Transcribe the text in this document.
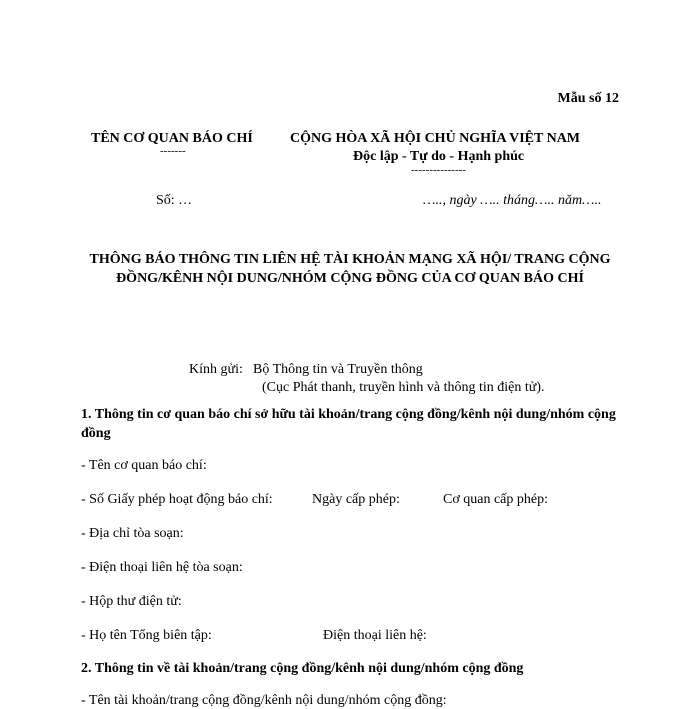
Mẫu số 12
TÊN CƠ QUAN BÁO CHÍ
-------
CỘNG HÒA XÃ HỘI CHỦ NGHĨA VIỆT NAM
Độc lập - Tự do - Hạnh phúc
---------------
Số: …	….., ngày ….. tháng….. năm…..
THÔNG BÁO THÔNG TIN LIÊN HỆ TÀI KHOẢN MẠNG XÃ HỘI/ TRANG CỘNG ĐỒNG/KÊNH NỘI DUNG/NHÓM CỘNG ĐỒNG CỦA CƠ QUAN BÁO CHÍ
Kính gửi: Bộ Thông tin và Truyền thông
(Cục Phát thanh, truyền hình và thông tin điện tử).
1. Thông tin cơ quan báo chí sở hữu tài khoản/trang cộng đồng/kênh nội dung/nhóm cộng đồng
- Tên cơ quan báo chí:
- Số Giấy phép hoạt động báo chí:	Ngày cấp phép:	Cơ quan cấp phép:
- Địa chỉ tòa soạn:
- Điện thoại liên hệ tòa soạn:
- Hộp thư điện tử:
- Họ tên Tổng biên tập:	Điện thoại liên hệ:
2. Thông tin về tài khoản/trang cộng đồng/kênh nội dung/nhóm cộng đồng
- Tên tài khoản/trang cộng đồng/kênh nội dung/nhóm cộng đồng:
